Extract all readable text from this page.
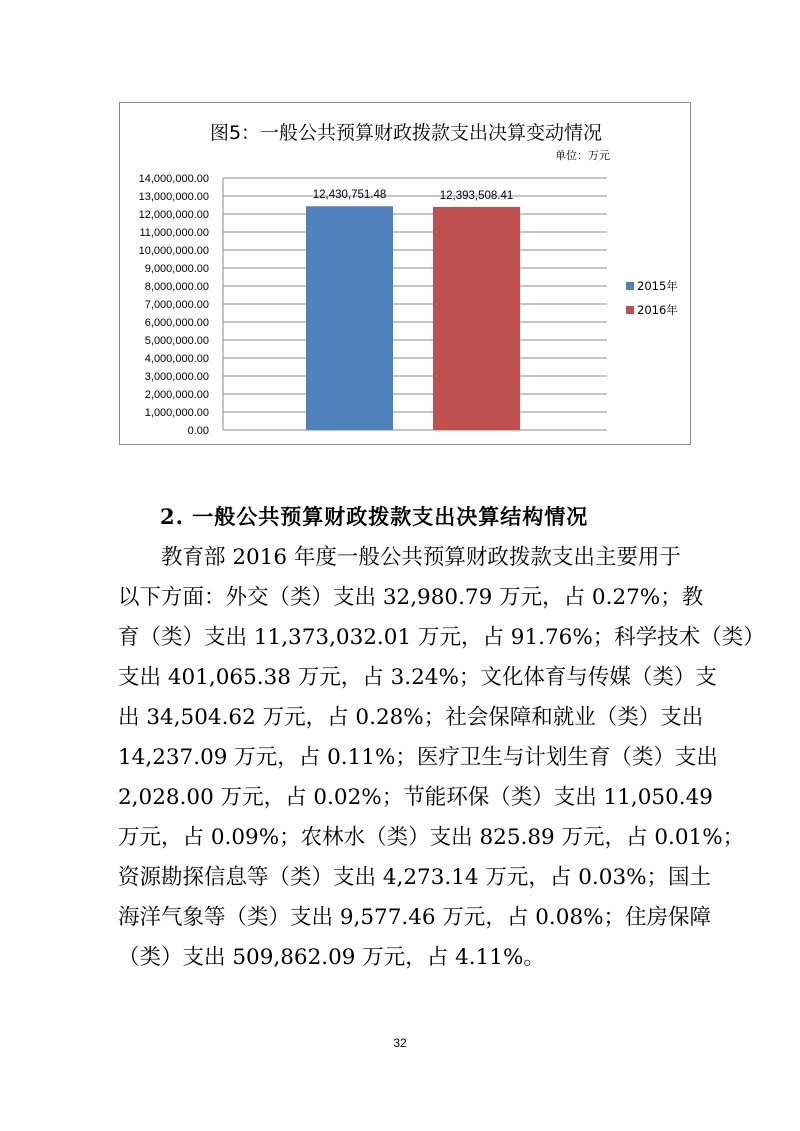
图5：一般公共预算财政拨款支出决算变动情况
单位：万元
0.00
1,000,000.00
2,000,000.00
3,000,000.00
4,000,000.00
5,000,000.00
6,000,000.00
7,000,000.00
8,000,000.00
9,000,000.00
10,000,000.00
11,000,000.00
12,000,000.00
13,000,000.00
14,000,000.00
12,430,751.48	12,393,508.41
2015年
2016年
2. 一般公共预算财政拨款支出决算结构情况
　　教育部 2016 年度一般公共预算财政拨款支出主要用于
以下方面：外交（类）支出 32,980.79 万元，占 0.27%；教
育（类）支出 11,373,032.01 万元，占 91.76%；科学技术（类）
支出 401,065.38 万元，占 3.24%；文化体育与传媒（类）支
出 34,504.62 万元，占 0.28%；社会保障和就业（类）支出
14,237.09 万元，占 0.11%；医疗卫生与计划生育（类）支出
2,028.00 万元，占 0.02%；节能环保（类）支出 11,050.49
万元，占 0.09%；农林水（类）支出 825.89 万元，占 0.01%；
资源勘探信息等（类）支出 4,273.14 万元，占 0.03%；国土
海洋气象等（类）支出 9,577.46 万元，占 0.08%；住房保障
（类）支出 509,862.09 万元，占 4.11%。
32
